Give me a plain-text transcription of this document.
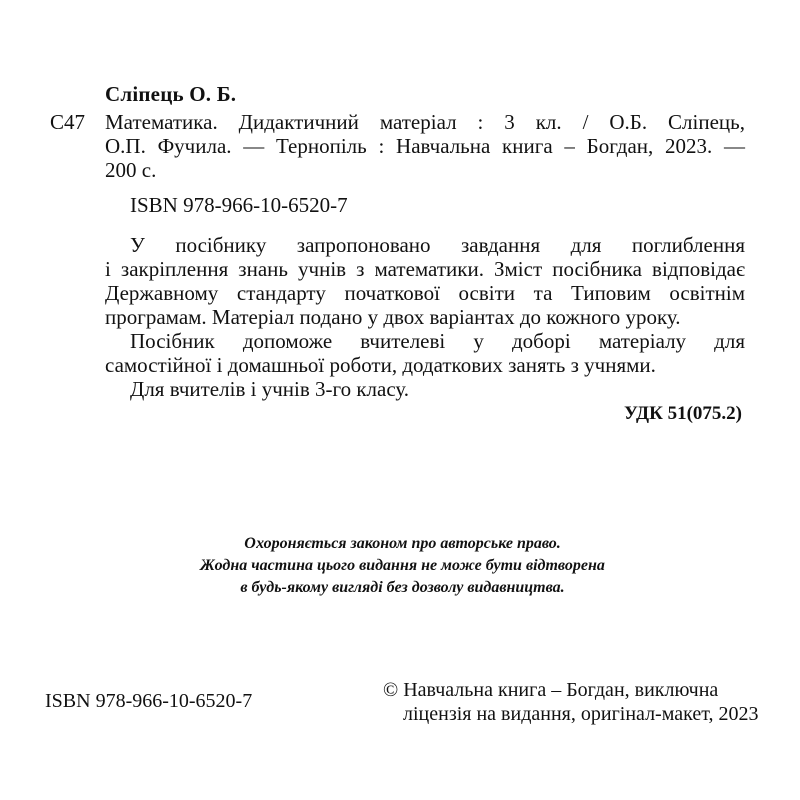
Сліпець О. Б.
С47 Математика. Дидактичний матеріал : 3 кл. / О.Б. Сліпець,
О.П. Фучила. — Тернопіль : Навчальна книга – Богдан, 2023. —
200 с.
ISBN 978-966-10-6520-7
У посібнику запропоновано завдання для поглиблення
і закріплення знань учнів з математики. Зміст посібника відповідає
Державному стандарту початкової освіти та Типовим освітнім
програмам. Матеріал подано у двох варіантах до кожного уроку.
Посібник допоможе вчителеві у доборі матеріалу для
самостійної і домашньої роботи, додаткових занять з учнями.
Для вчителів і учнів 3-го класу.
УДК 51(075.2)
Охороняється законом про авторське право.
Жодна частина цього видання не може бути відтворена
в будь-якому вигляді без дозволу видавництва.
ISBN 978-966-10-6520-7	© Навчальна книга – Богдан, виключна
ліцензія на видання, оригінал-макет, 2023
